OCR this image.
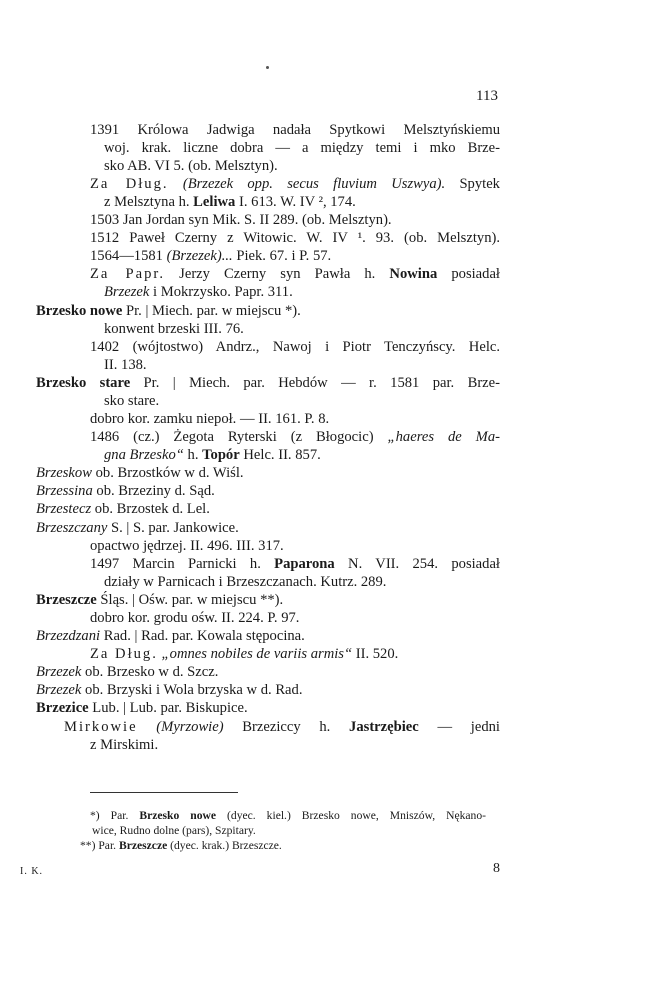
113
1391 Królowa Jadwiga nadała Spytkowi Melsztyńskiemu
woj. krak. liczne dobra — a między temi i mko Brze-
sko AB. VI 5. (ob. Melsztyn).
Za Dług. (Brzezek opp. secus fluvium Uszwya). Spytek
z Melsztyna h. Leliwa I. 613. W. IV ², 174.
1503 Jan Jordan syn Mik. S. II 289. (ob. Melsztyn).
1512 Paweł Czerny z Witowic. W. IV ¹. 93. (ob. Melsztyn).
1564—1581 (Brzezek)... Piek. 67. i P. 57.
Za Papr. Jerzy Czerny syn Pawła h. Nowina posiadał
Brzezek i Mokrzysko. Papr. 311.
Brzesko nowe Pr. | Miech. par. w miejscu *).
konwent brzeski III. 76.
1402 (wójtostwo) Andrz., Nawoj i Piotr Tenczyńscy. Helc.
II. 138.
Brzesko stare Pr. | Miech. par. Hebdów — r. 1581 par. Brze-
sko stare.
dobro kor. zamku niepoł. — II. 161. P. 8.
1486 (cz.) Żegota Ryterski (z Błogocic) „haeres de Ma-
gna Brzesko“ h. Topór Helc. II. 857.
Brzeskow ob. Brzostków w d. Wiśl.
Brzessina ob. Brzeziny d. Sąd.
Brzestecz ob. Brzostek d. Lel.
Brzeszczany S. | S. par. Jankowice.
opactwo jędrzej. II. 496. III. 317.
1497 Marcin Parnicki h. Paparona N. VII. 254. posiadał
działy w Parnicach i Brzeszczanach. Kutrz. 289.
Brzeszcze Śląs. | Ośw. par. w miejscu **).
dobro kor. grodu ośw. II. 224. P. 97.
Brzezdzani Rad. | Rad. par. Kowala stępocina.
Za Dług. „omnes nobiles de variis armis“ II. 520.
Brzezek ob. Brzesko w d. Szcz.
Brzezek ob. Brzyski i Wola brzyska w d. Rad.
Brzezice Lub. | Lub. par. Biskupice.
Mirkowie (Myrzowie) Brzeziccy h. Jastrzębiec — jedni
z Mirskimi.
*) Par. Brzesko nowe (dyec. kiel.) Brzesko nowe, Mniszów, Nękano-
wice, Rudno dolne (pars), Szpitary.
**) Par. Brzeszcze (dyec. krak.) Brzeszcze.
I. K.	8
